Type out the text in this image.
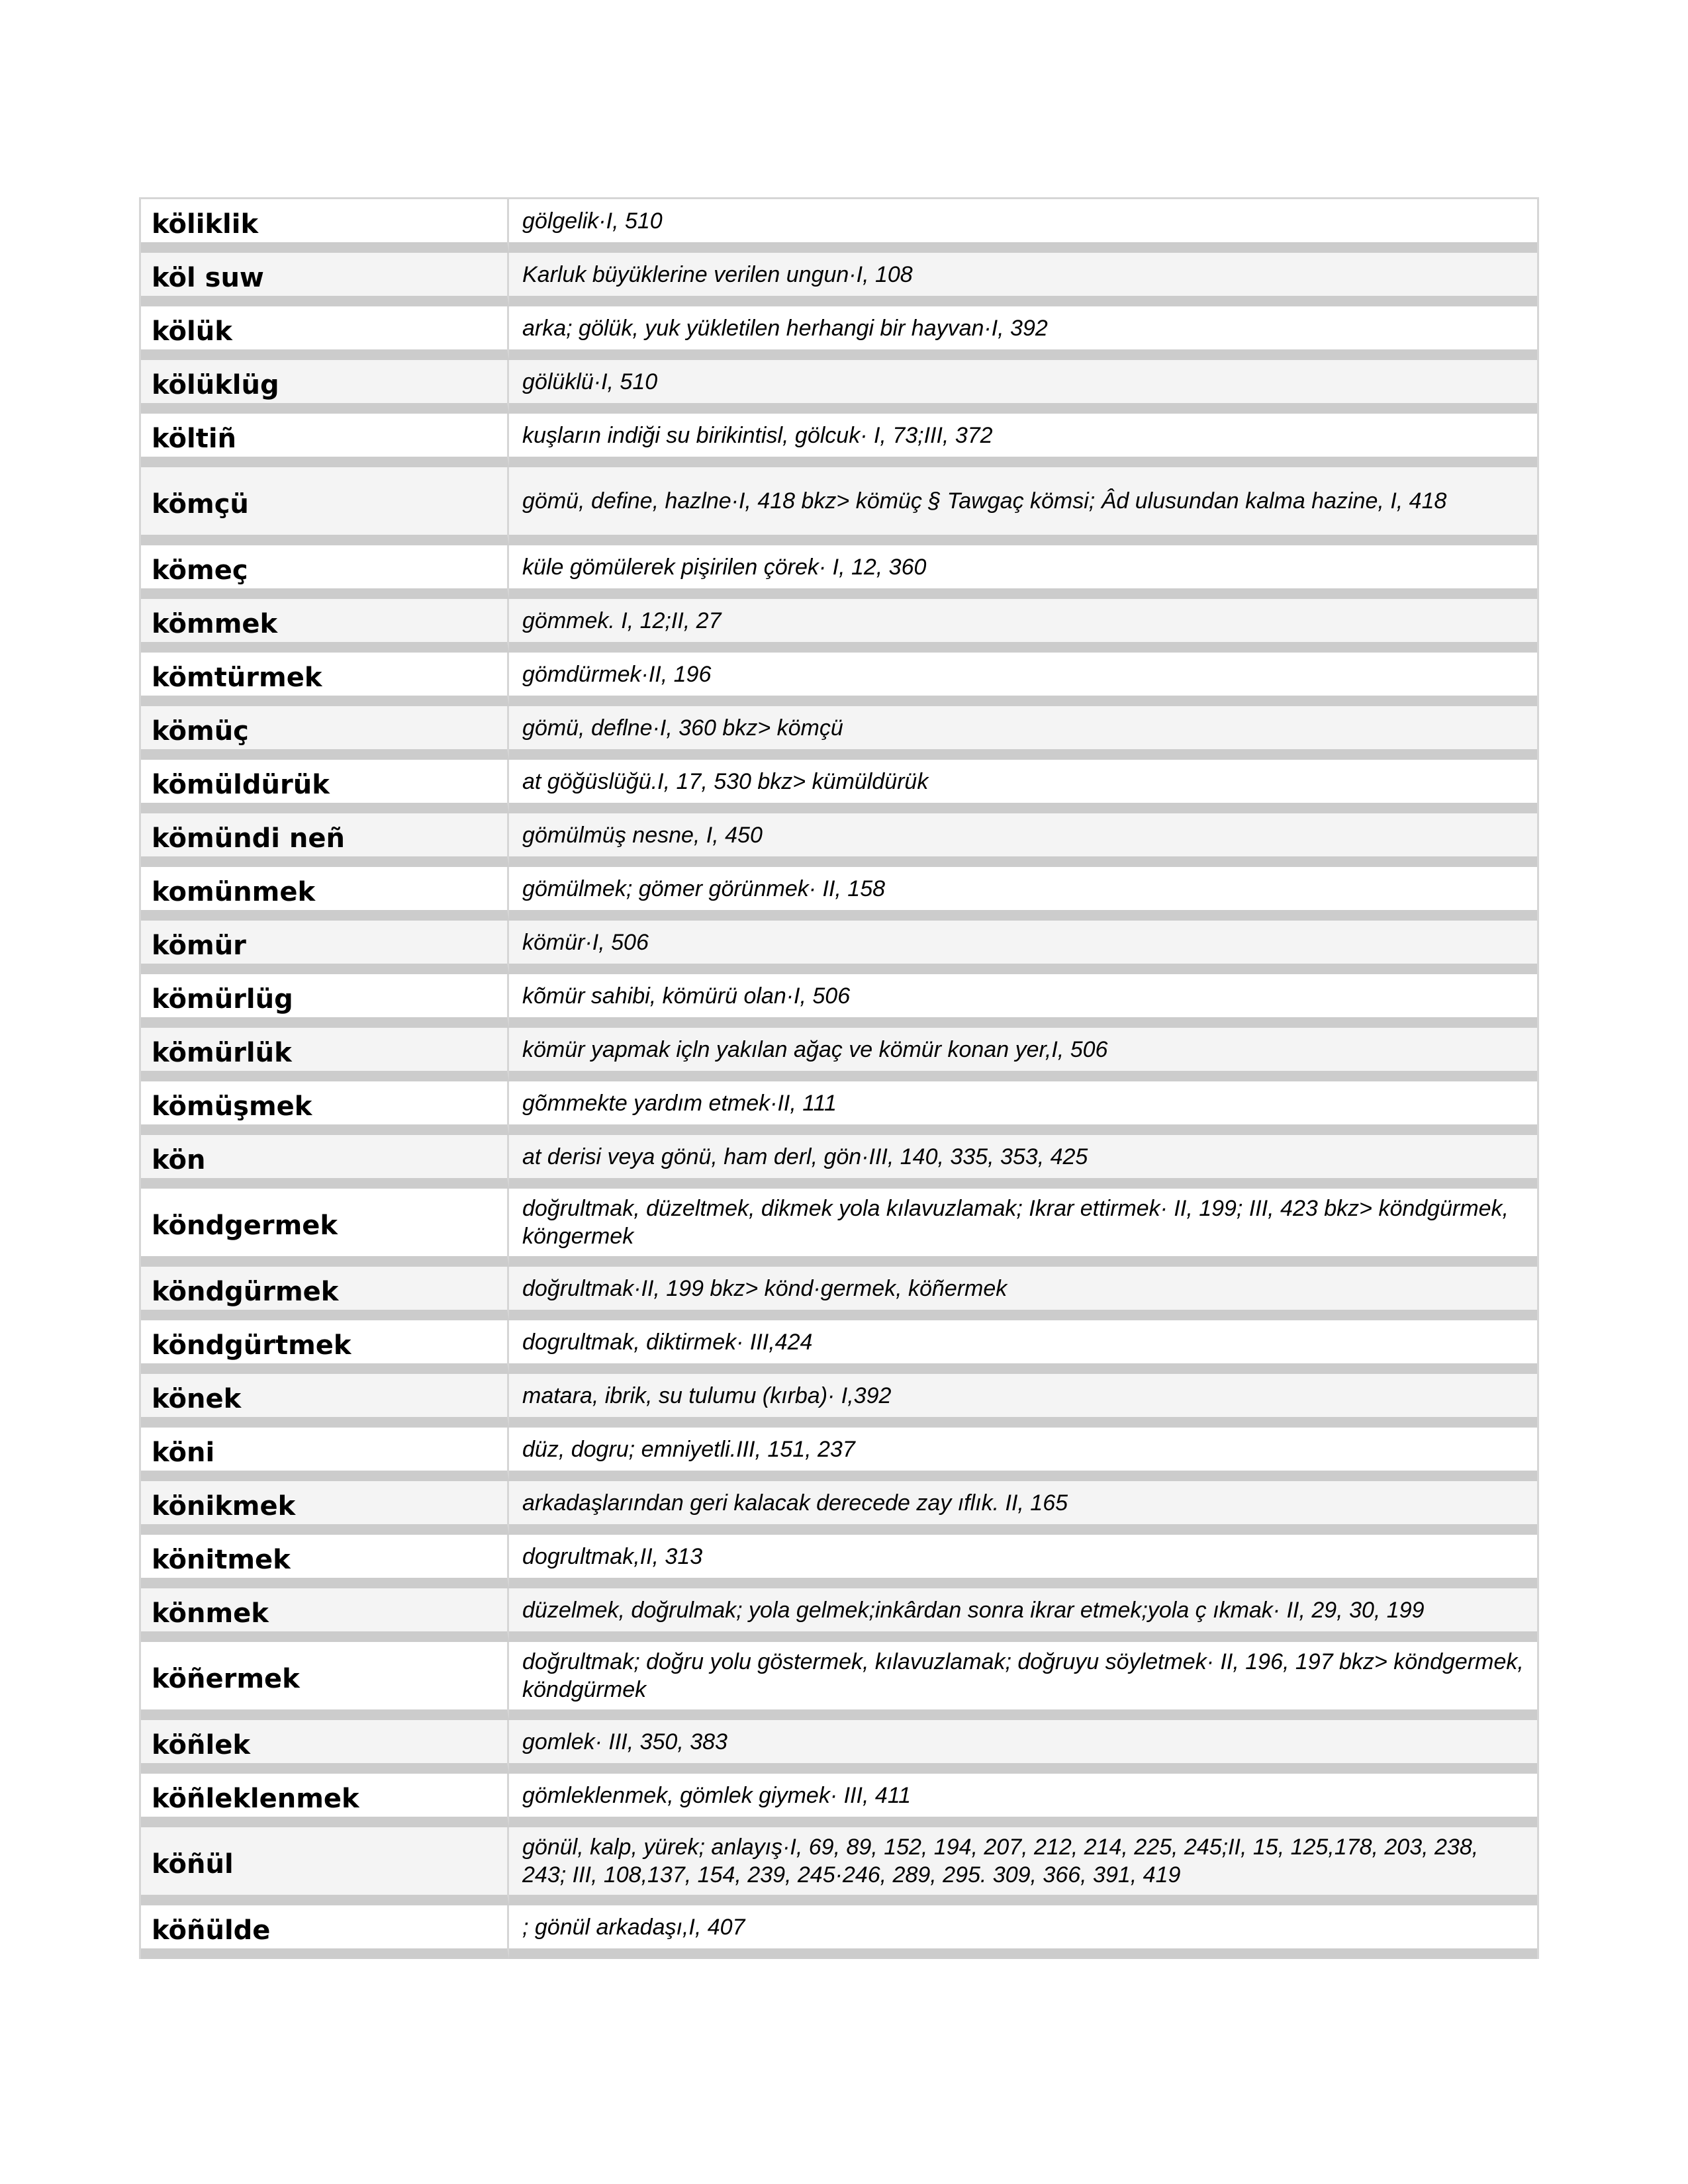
köliklik	gölgelik·I, 510
köl suw	Karluk büyüklerine verilen ungun·I, 108
kölük	arka; gölük, yuk yükletilen herhangi bir hayvan·I, 392
kölüklüg	gölüklü·I, 510
költiñ	kuşların indiği su birikintisl, gölcuk· I, 73;III, 372
kömçü	gömü, define, hazlne·I, 418 bkz> kömüç § Tawgaç kömsi; Âd ulusundan kalma hazine, I, 418
kömeç	küle gömülerek pişirilen çörek· I, 12, 360
kömmek	gömmek. I, 12;II, 27
kömtürmek	gömdürmek·II, 196
kömüç	gömü, deflne·I, 360 bkz> kömçü
kömüldürük	at göğüslüğü.I, 17, 530 bkz> kümüldürük
kömündi neñ	gömülmüş nesne, I, 450
komünmek	gömülmek; gömer görünmek· II, 158
kömür	kömür·I, 506
kömürlüg	kõmür sahibi, kömürü olan·I, 506
kömürlük	kömür yapmak içln yakılan ağaç ve kömür konan yer,I, 506
kömüşmek	gõmmekte yardım etmek·II, 111
kön	at derisi veya gönü, ham derl, gön·III, 140, 335, 353, 425
köndgermek	doğrultmak, düzeltmek, dikmek yola kılavuzlamak; Ikrar ettirmek· II, 199; III, 423 bkz> köndgürmek, köngermek
köndgürmek	doğrultmak·II, 199 bkz> könd·germek, köñermek
köndgürtmek	dogrultmak, diktirmek· III,424
könek	matara, ibrik, su tulumu (kırba)· I,392
köni	düz, dogru; emniyetli.III, 151, 237
könikmek	arkadaşlarından geri kalacak derecede zay ıflık. II, 165
könitmek	dogrultmak,II, 313
könmek	düzelmek, doğrulmak; yola gelmek;inkârdan sonra ikrar etmek;yola ç ıkmak· II, 29, 30, 199
köñermek	doğrultmak; doğru yolu göstermek, kılavuzlamak; doğruyu söyletmek· II, 196, 197 bkz> köndgermek, köndgürmek
köñlek	gomlek· III, 350, 383
köñleklenmek	gömleklenmek, gömlek giymek· III, 411
köñül	gönül, kalp, yürek; anlayış·I, 69, 89, 152, 194, 207, 212, 214, 225, 245;II, 15, 125,178, 203, 238, 243; III, 108,137, 154, 239, 245·246, 289, 295. 309, 366, 391, 419
köñülde	; gönül arkadaşı,I, 407
